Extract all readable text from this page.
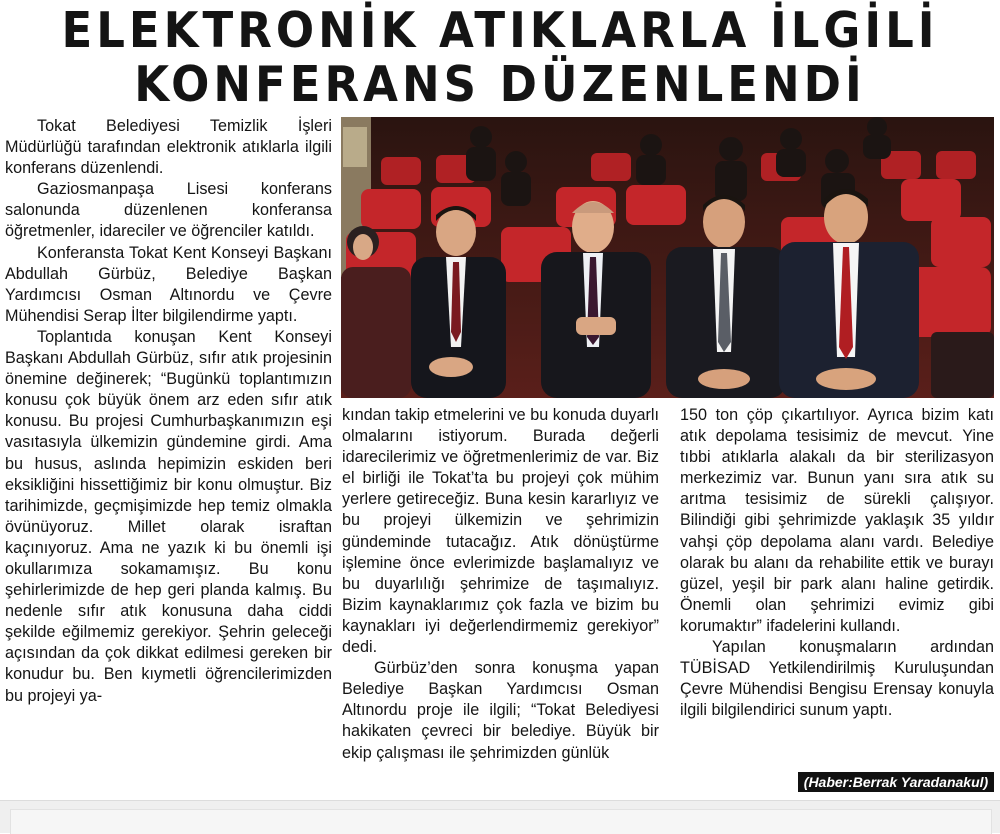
ELEKTRONİK ATIKLARLA İLGİLİ
KONFERANS DÜZENLENDİ

Tokat Belediyesi Temizlik İşleri Müdürlüğü tarafından elektronik atıklarla ilgili konferans düzenlendi.

Gaziosmanpaşa Lisesi konferans salonunda düzenlenen konferansa öğretmenler, idareciler ve öğrenciler katıldı.

Konferansta Tokat Kent Konseyi Başkanı Abdullah Gürbüz, Belediye Başkan Yardımcısı Osman Altınordu ve Çevre Mühendisi Serap İlter bilgilendirme yaptı.

Toplantıda konuşan Kent Konseyi Başkanı Abdullah Gürbüz, sıfır atık projesinin önemine değinerek; “Bugünkü toplantımızın konusu çok büyük önem arz eden sıfır atık konusu. Bu projesi Cumhurbaşkanımızın eşi vasıtasıyla ülkemizin gündemine girdi. Ama bu husus, aslında hepimizin eskiden beri eksikliğini hissettiğimiz bir konu olmuştur. Biz tarihimizde, geçmişimizde hep temiz olmakla övünüyoruz. Millet olarak israftan kaçınıyoruz. Ama ne yazık ki bu önemli işi okullarımıza sokamamışız. Bu konu şehirlerimizde de hep geri planda kalmış. Bu nedenle sıfır atık konusuna daha ciddi şekilde eğilmemiz gerekiyor. Şehrin geleceği açısından da çok dikkat edilmesi gereken bir konudur bu. Ben kıymetli öğrencilerimizden bu projeyi ya-

kından takip etmelerini ve bu konuda duyarlı olmalarını istiyorum. Burada değerli idarecilerimiz ve öğretmenlerimiz de var. Biz el birliği ile Tokat’ta bu projeyi çok mühim yerlere getireceğiz. Buna kesin kararlıyız ve bu projeyi ülkemizin ve şehrimizin gündeminde tutacağız. Atık dönüştürme işlemine önce evlerimizde başlamalıyız ve bu duyarlılığı şehrimize de taşımalıyız. Bizim kaynaklarımız çok fazla ve bizim bu kaynakları iyi değerlendirmemiz gerekiyor” dedi.

Gürbüz’den sonra konuşma yapan Belediye Başkan Yardımcısı Osman Altınordu proje ile ilgili; “Tokat Belediyesi hakikaten çevreci bir belediye. Büyük bir ekip çalışması ile şehrimizden günlük

150 ton çöp çıkartılıyor. Ayrıca bizim katı atık depolama tesisimiz de mevcut. Yine tıbbi atıklarla alakalı da bir sterilizasyon merkezimiz var. Bunun yanı sıra atık su arıtma tesisimiz de sürekli çalışıyor. Bilindiği gibi şehrimizde yaklaşık 35 yıldır vahşi çöp depolama alanı vardı. Belediye olarak bu alanı da rehabilite ettik ve burayı güzel, yeşil bir park alanı haline getirdik. Önemli olan şehrimizi evimiz gibi korumaktır” ifadelerini kullandı.

Yapılan konuşmaların ardından TÜBİSAD Yetkilendirilmiş Kuruluşundan Çevre Mühendisi Bengisu Erensay konuyla ilgili bilgilendirici sunum yaptı.

(Haber:Berrak Yaradanakul)
